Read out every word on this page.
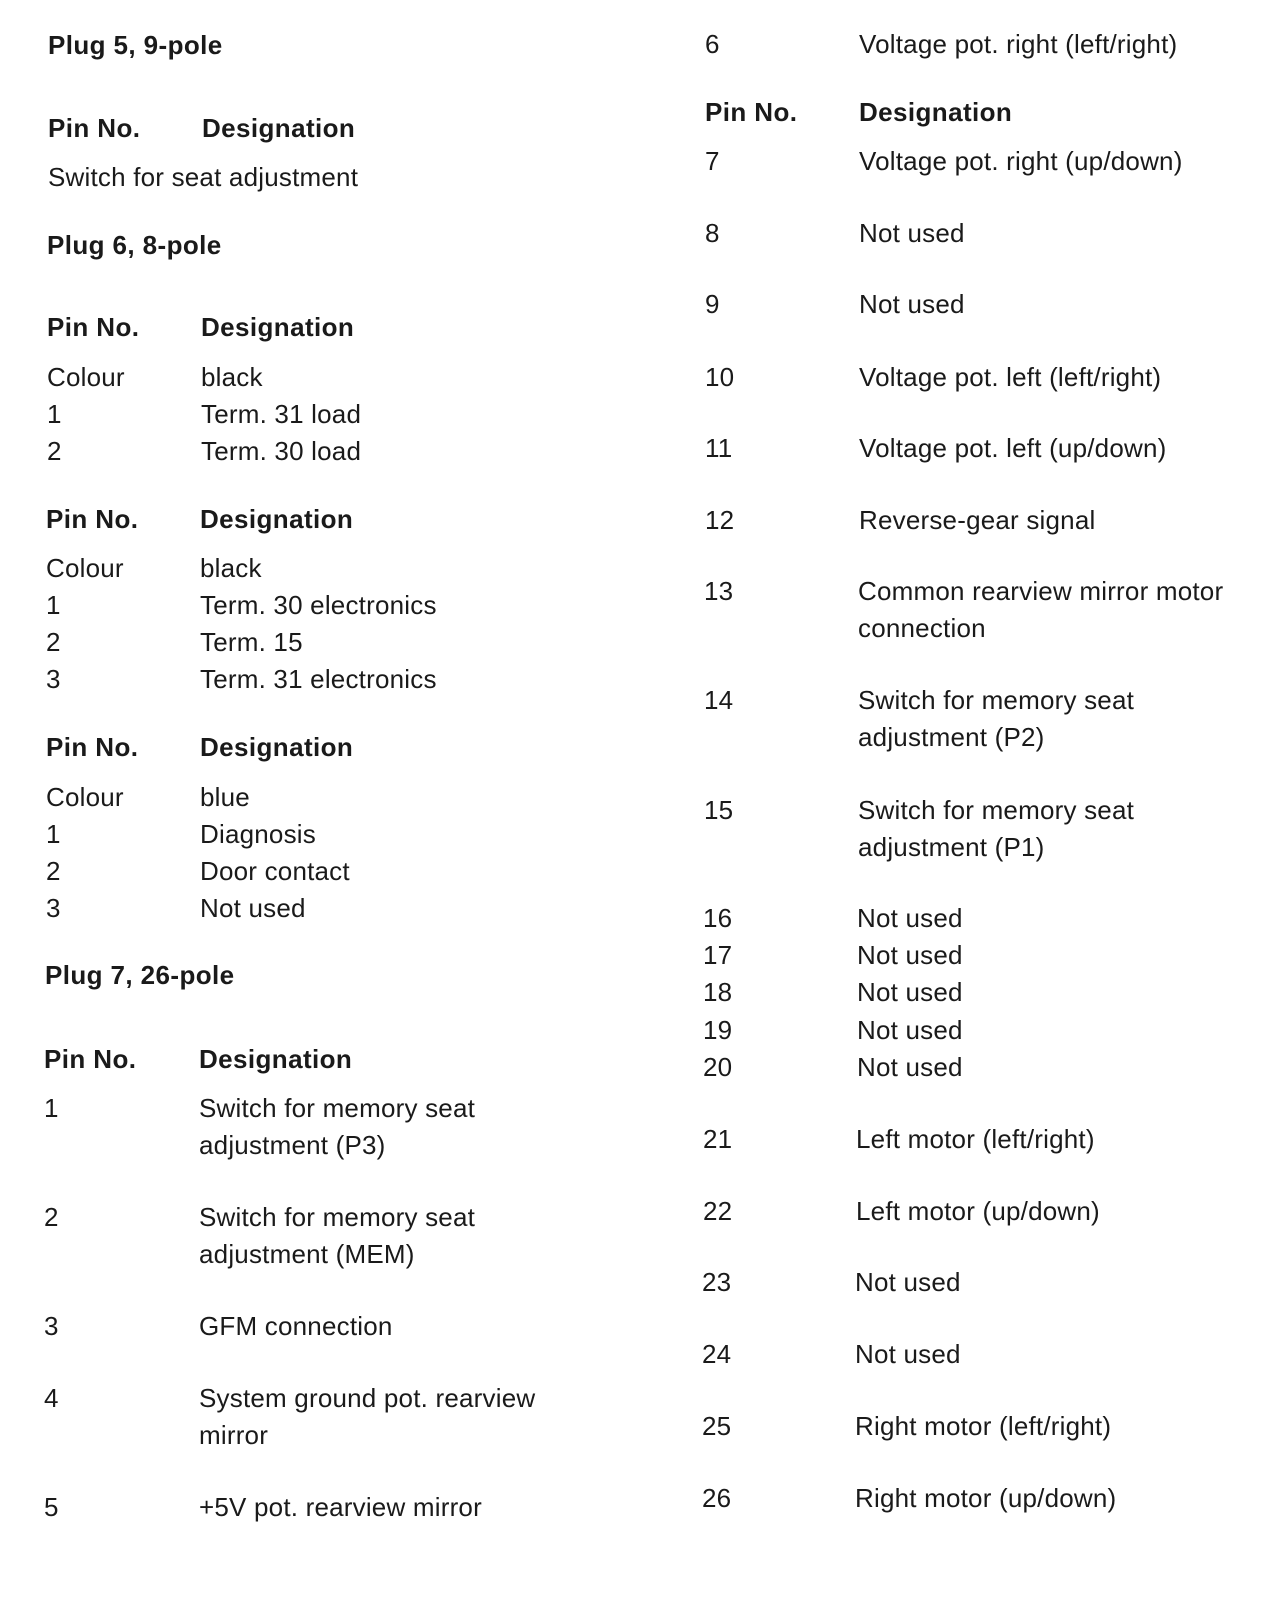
Plug 5, 9-pole
Pin No. Designation
Switch for seat adjustment
Plug 6, 8-pole
Pin No. Designation
Colour	black
1	Term. 31 load
2	Term. 30 load
Pin No. Designation
Colour	black
1	Term. 30 electronics
2	Term. 15
3	Term. 31 electronics
Pin No. Designation
Colour	blue
1	Diagnosis
2	Door contact
3	Not used
Plug 7, 26-pole
Pin No. Designation
1	Switch for memory seat
adjustment (P3)
2	Switch for memory seat
adjustment (MEM)
3	GFM connection
4	System ground pot. rearview
mirror
5	+5V pot. rearview mirror
6	Voltage pot. right (left/right)
Pin No. Designation
7	Voltage pot. right (up/down)
8	Not used
9	Not used
10	Voltage pot. left (left/right)
11	Voltage pot. left (up/down)
12	Reverse-gear signal
13	Common rearview mirror motor
connection
14	Switch for memory seat
adjustment (P2)
15	Switch for memory seat
adjustment (P1)
16	Not used
17	Not used
18	Not used
19	Not used
20	Not used
21	Left motor (left/right)
22	Left motor (up/down)
23	Not used
24	Not used
25	Right motor (left/right)
26	Right motor (up/down)
